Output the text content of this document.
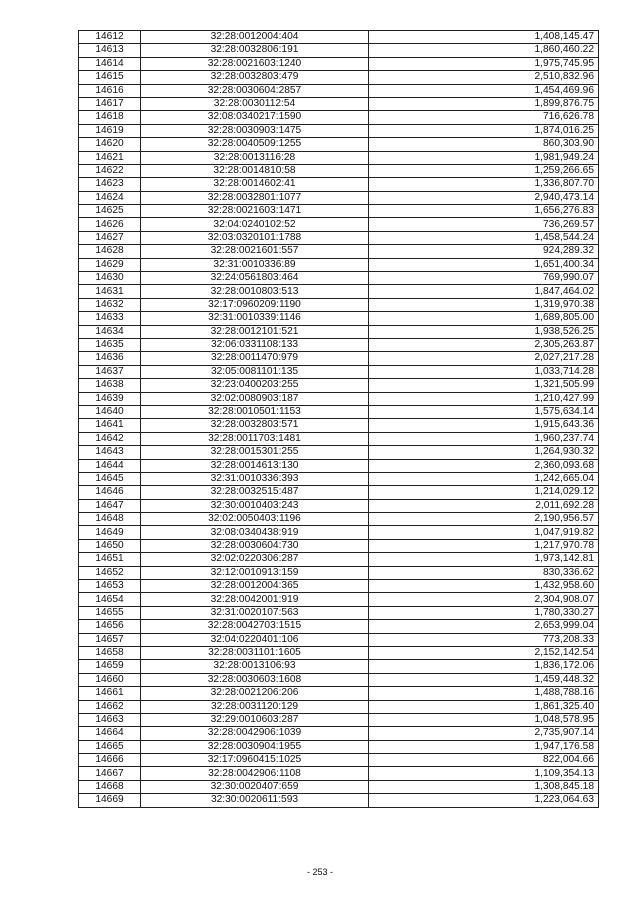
14612	32:28:0012004:404	1,408,145.47
14613	32:28:0032806:191	1,860,460.22
14614	32:28:0021603:1240	1,975,745.95
14615	32:28:0032803:479	2,510,832.96
14616	32:28:0030604:2857	1,454,469.96
14617	32:28:0030112:54	1,899,876.75
14618	32:08:0340217:1590	716,626.78
14619	32:28:0030903:1475	1,874,016.25
14620	32:28:0040509:1255	860,303.90
14621	32:28:0013116:28	1,981,949.24
14622	32:28:0014810:58	1,259,266.65
14623	32:28:0014602:41	1,336,807.70
14624	32:28:0032801:1077	2,940,473.14
14625	32:28:0021603:1471	1,656,276.83
14626	32:04:0240102:52	736,269.57
14627	32:03:0320101:1788	1,458,544.24
14628	32:28:0021601:557	924,289.32
14629	32:31:0010336:89	1,651,400.34
14630	32:24:0561803:464	769,990.07
14631	32:28:0010803:513	1,847,464.02
14632	32:17:0960209:1190	1,319,970.38
14633	32:31:0010339:1146	1,689,805.00
14634	32:28:0012101:521	1,938,526.25
14635	32:06:0331108:133	2,305,263.87
14636	32:28:0011470:979	2,027,217.28
14637	32:05:0081101:135	1,033,714.28
14638	32:23:0400203:255	1,321,505.99
14639	32:02:0080903:187	1,210,427.99
14640	32:28:0010501:1153	1,575,634.14
14641	32:28:0032803:571	1,915,643.36
14642	32:28:0011703:1481	1,960,237.74
14643	32:28:0015301:255	1,264,930.32
14644	32:28:0014613:130	2,360,093.68
14645	32:31:0010336:393	1,242,665.04
14646	32:28:0032515:487	1,214,029.12
14647	32:30:0010403:243	2,011,692.28
14648	32:02:0050403:1196	2,190,956.57
14649	32:08:0340438:919	1,047,919.82
14650	32:28:0030604:730	1,217,970.78
14651	32:02:0220306:287	1,973,142.81
14652	32:12:0010913:159	830,336.62
14653	32:28:0012004:365	1,432,958.60
14654	32:28:0042001:919	2,304,908.07
14655	32:31:0020107:563	1,780,330.27
14656	32:28:0042703:1515	2,653,999.04
14657	32:04:0220401:106	773,208.33
14658	32:28:0031101:1605	2,152,142.54
14659	32:28:0013106:93	1,836,172.06
14660	32:28:0030603:1608	1,459,448.32
14661	32:28:0021206:206	1,488,788.16
14662	32:28:0031120:129	1,861,325.40
14663	32:29:0010603:287	1,048,578.95
14664	32:28:0042906:1039	2,735,907.14
14665	32:28:0030904:1955	1,947,176.58
14666	32:17:0960415:1025	822,004.66
14667	32:28:0042906:1108	1,109,354.13
14668	32:30:0020407:659	1,308,845.18
14669	32:30:0020611:593	1,223,064.63
- 253 -
